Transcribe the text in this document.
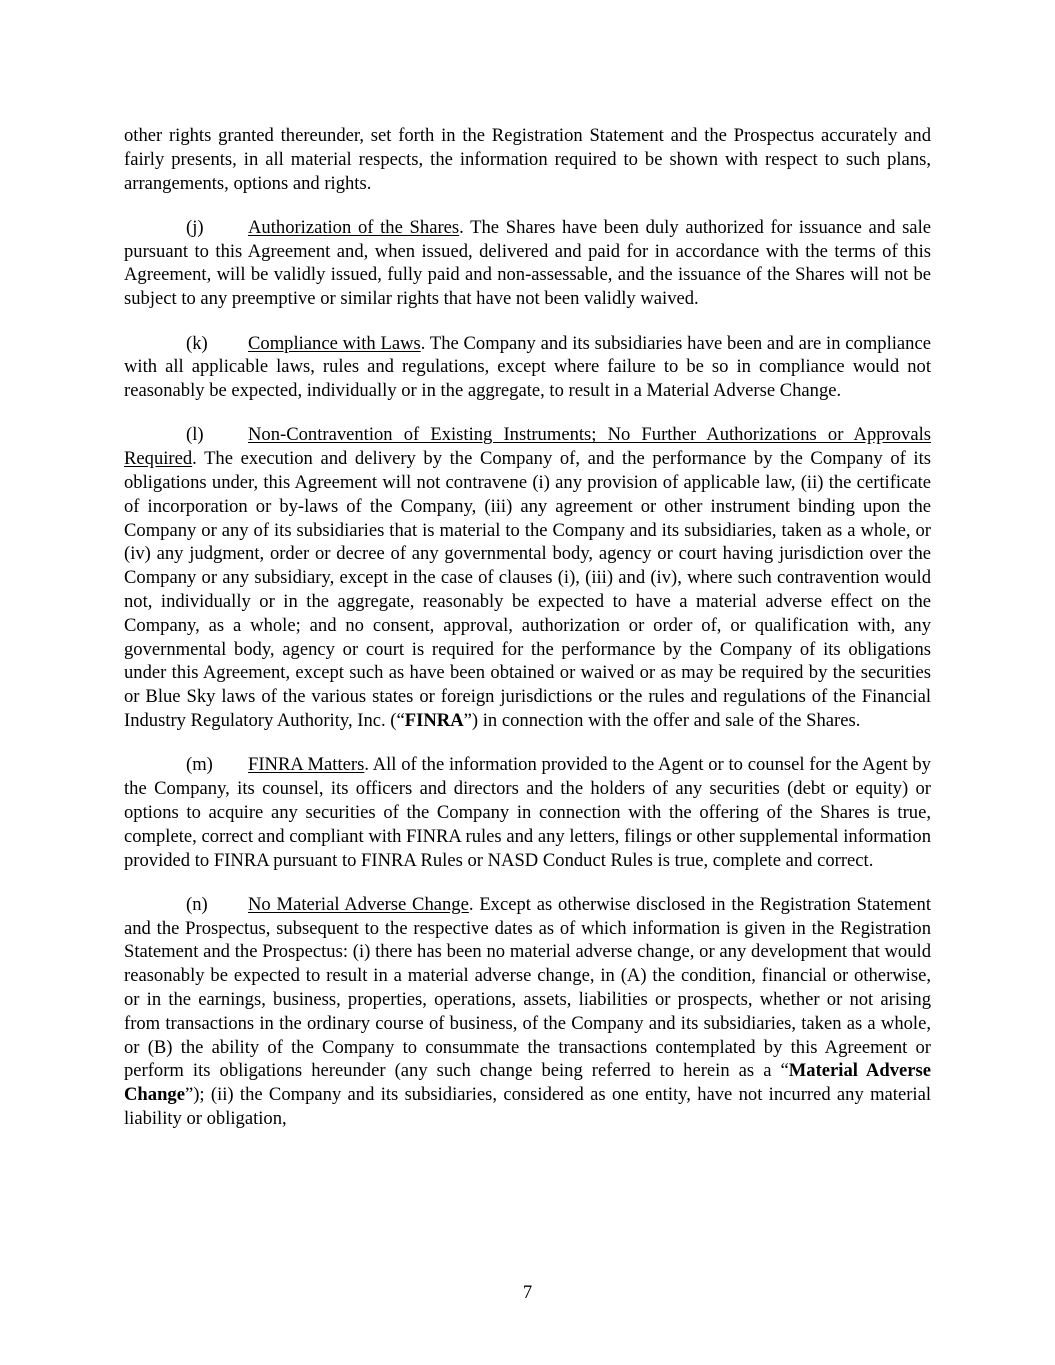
other rights granted thereunder, set forth in the Registration Statement and the Prospectus accurately and fairly presents, in all material respects, the information required to be shown with respect to such plans, arrangements, options and rights.

(j) Authorization of the Shares. The Shares have been duly authorized for issuance and sale pursuant to this Agreement and, when issued, delivered and paid for in accordance with the terms of this Agreement, will be validly issued, fully paid and non-assessable, and the issuance of the Shares will not be subject to any preemptive or similar rights that have not been validly waived.

(k) Compliance with Laws. The Company and its subsidiaries have been and are in compliance with all applicable laws, rules and regulations, except where failure to be so in compliance would not reasonably be expected, individually or in the aggregate, to result in a Material Adverse Change.

(l) Non-Contravention of Existing Instruments; No Further Authorizations or Approvals Required. The execution and delivery by the Company of, and the performance by the Company of its obligations under, this Agreement will not contravene (i) any provision of applicable law, (ii) the certificate of incorporation or by-laws of the Company, (iii) any agreement or other instrument binding upon the Company or any of its subsidiaries that is material to the Company and its subsidiaries, taken as a whole, or (iv) any judgment, order or decree of any governmental body, agency or court having jurisdiction over the Company or any subsidiary, except in the case of clauses (i), (iii) and (iv), where such contravention would not, individually or in the aggregate, reasonably be expected to have a material adverse effect on the Company, as a whole; and no consent, approval, authorization or order of, or qualification with, any governmental body, agency or court is required for the performance by the Company of its obligations under this Agreement, except such as have been obtained or waived or as may be required by the securities or Blue Sky laws of the various states or foreign jurisdictions or the rules and regulations of the Financial Industry Regulatory Authority, Inc. (“FINRA”) in connection with the offer and sale of the Shares.

(m) FINRA Matters. All of the information provided to the Agent or to counsel for the Agent by the Company, its counsel, its officers and directors and the holders of any securities (debt or equity) or options to acquire any securities of the Company in connection with the offering of the Shares is true, complete, correct and compliant with FINRA rules and any letters, filings or other supplemental information provided to FINRA pursuant to FINRA Rules or NASD Conduct Rules is true, complete and correct.

(n) No Material Adverse Change. Except as otherwise disclosed in the Registration Statement and the Prospectus, subsequent to the respective dates as of which information is given in the Registration Statement and the Prospectus: (i) there has been no material adverse change, or any development that would reasonably be expected to result in a material adverse change, in (A) the condition, financial or otherwise, or in the earnings, business, properties, operations, assets, liabilities or prospects, whether or not arising from transactions in the ordinary course of business, of the Company and its subsidiaries, taken as a whole, or (B) the ability of the Company to consummate the transactions contemplated by this Agreement or perform its obligations hereunder (any such change being referred to herein as a “Material Adverse Change”); (ii) the Company and its subsidiaries, considered as one entity, have not incurred any material liability or obligation,

7
